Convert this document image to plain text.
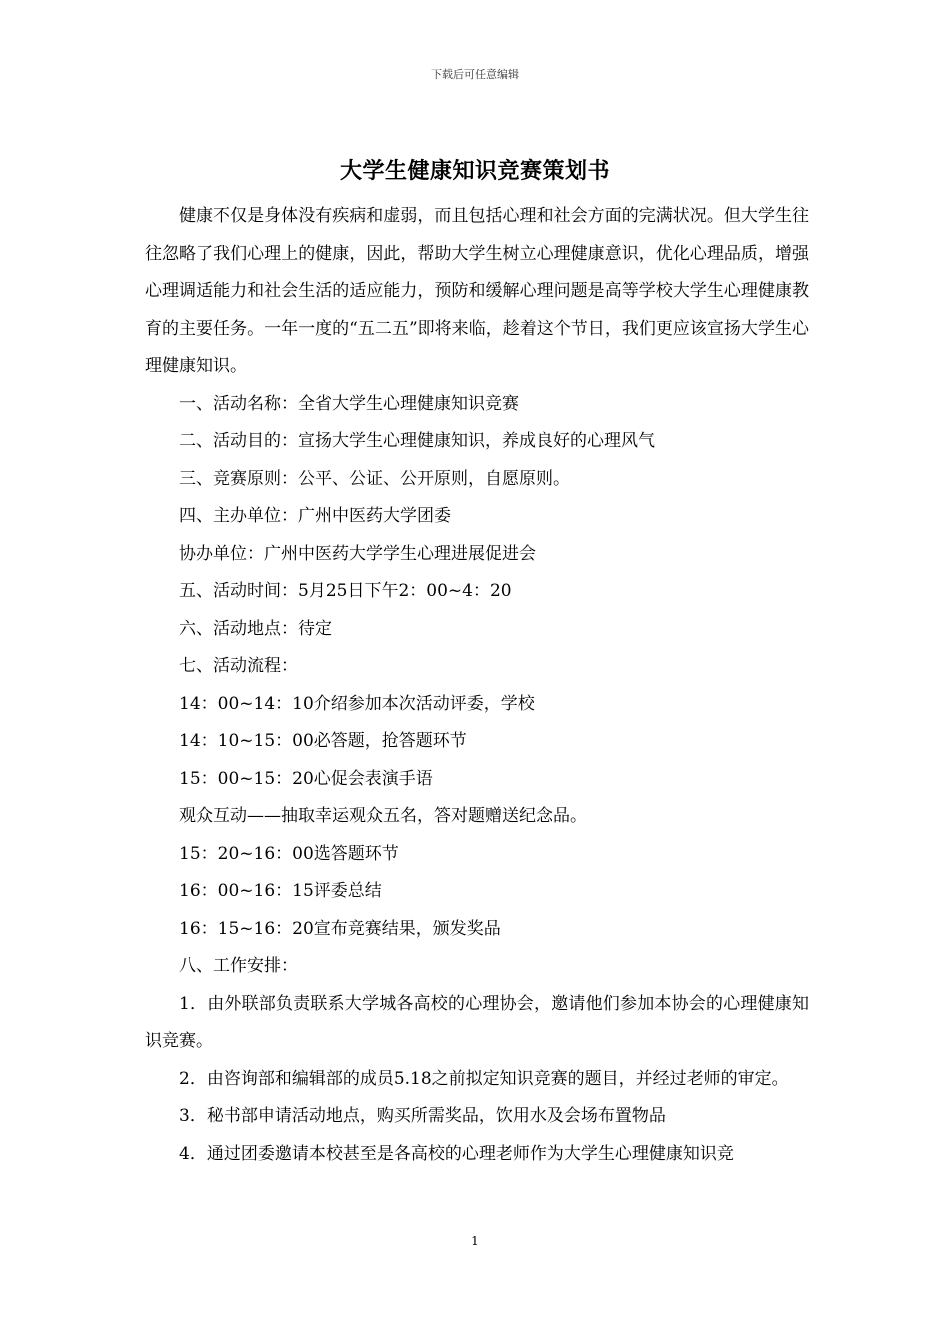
下载后可任意编辑
大学生健康知识竞赛策划书

健康不仅是身体没有疾病和虚弱，而且包括心理和社会方面的完满状况。但大学生往往忽略了我们心理上的健康，因此，帮助大学生树立心理健康意识，优化心理品质，增强心理调适能力和社会生活的适应能力，预防和缓解心理问题是高等学校大学生心理健康教育的主要任务。一年一度的“五二五”即将来临，趁着这个节日，我们更应该宣扬大学生心理健康知识。

一、活动名称：全省大学生心理健康知识竞赛

二、活动目的：宣扬大学生心理健康知识，养成良好的心理风气

三、竞赛原则：公平、公证、公开原则，自愿原则。

四、主办单位：广州中医药大学团委

协办单位：广州中医药大学学生心理进展促进会

五、活动时间：5月25日下午2：00~4：20

六、活动地点：待定

七、活动流程：

14：00~14：10介绍参加本次活动评委，学校

14：10~15：00必答题，抢答题环节

15：00~15：20心促会表演手语

观众互动——抽取幸运观众五名，答对题赠送纪念品。

15：20~16：00选答题环节

16：00~16：15评委总结

16：15~16：20宣布竞赛结果，颁发奖品

八、工作安排：

1．由外联部负责联系大学城各高校的心理协会，邀请他们参加本协会的心理健康知识竞赛。

2．由咨询部和编辑部的成员5.18之前拟定知识竞赛的题目，并经过老师的审定。

3．秘书部申请活动地点，购买所需奖品，饮用水及会场布置物品

4．通过团委邀请本校甚至是各高校的心理老师作为大学生心理健康知识竞

1
